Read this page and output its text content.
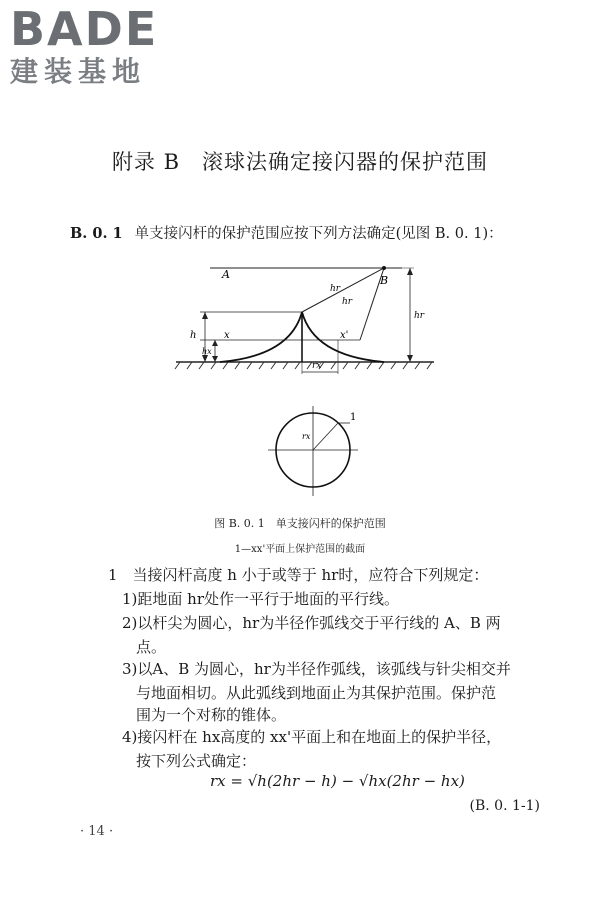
BADE
建装基地
附录 B　滚球法确定接闪器的保护范围
B. 0. 1 单支接闪杆的保护范围应按下列方法确定(见图 B. 0. 1)：
A	B
hr
hr
hr
h
hx
x	x'
rx
rx
1
图 B. 0. 1　单支接闪杆的保护范围
1—xx'平面上保护范围的截面
1　当接闪杆高度 h 小于或等于 hr时，应符合下列规定：
1)距地面 hr处作一平行于地面的平行线。
2)以杆尖为圆心，hr为半径作弧线交于平行线的 A、B 两
点。
3)以A、B 为圆心，hr为半径作弧线，该弧线与针尖相交并
与地面相切。从此弧线到地面止为其保护范围。保护范
围为一个对称的锥体。
4)接闪杆在 hx高度的 xx'平面上和在地面上的保护半径，
按下列公式确定：
rx = √h(2hr − h) − √hx(2hr − hx)
(B. 0. 1-1)
· 14 ·
